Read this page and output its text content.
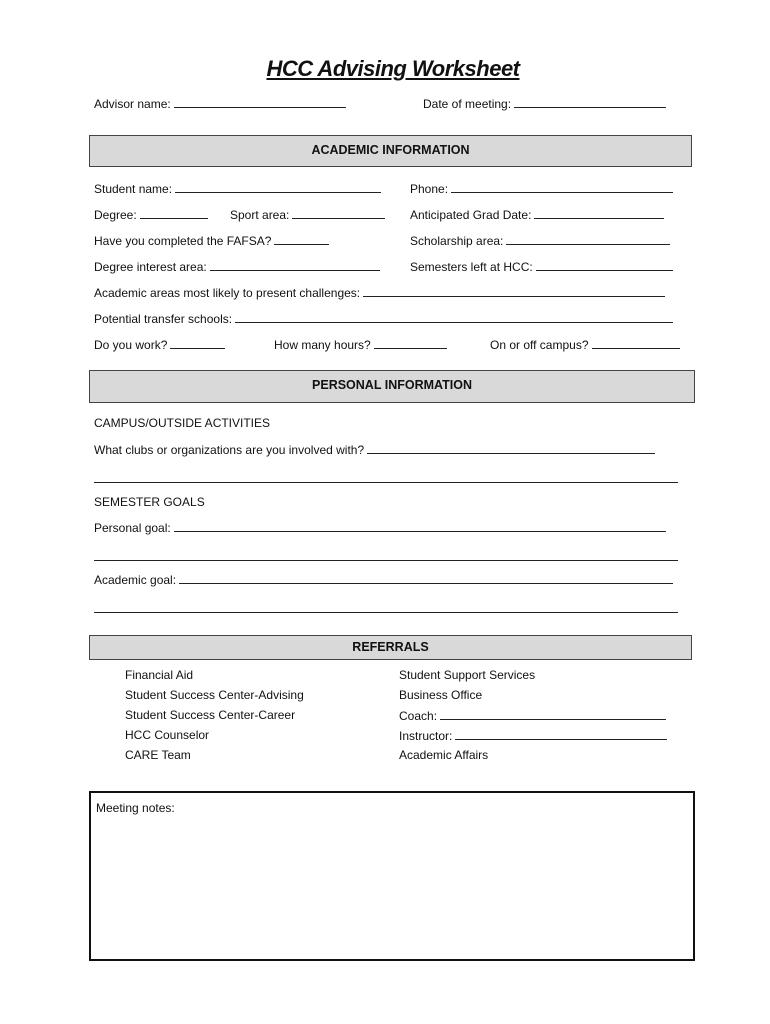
HCC Advising Worksheet
Advisor name:	Date of meeting:
ACADEMIC INFORMATION
Student name:	Phone:
Degree:	Sport area:	Anticipated Grad Date:
Have you completed the FAFSA?	Scholarship area:
Degree interest area:	Semesters left at HCC:
Academic areas most likely to present challenges:
Potential transfer schools:
Do you work?	How many hours?	On or off campus?
PERSONAL INFORMATION
CAMPUS/OUTSIDE ACTIVITIES
What clubs or organizations are you involved with?
SEMESTER GOALS
Personal goal:
Academic goal:
REFERRALS
Financial Aid
Student Success Center-Advising
Student Success Center-Career
HCC Counselor
CARE Team
Student Support Services
Business Office
Coach:
Instructor:
Academic Affairs
Meeting notes:
